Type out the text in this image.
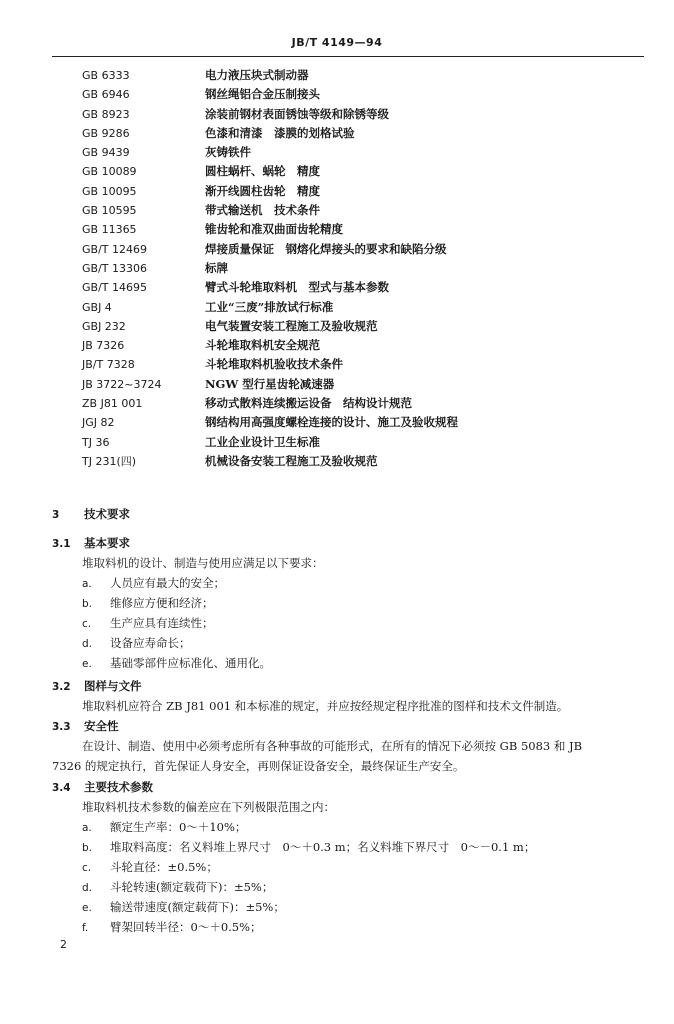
JB/T 4149—94
GB 6333	电力液压块式制动器
GB 6946	钢丝绳铝合金压制接头
GB 8923	涂装前钢材表面锈蚀等级和除锈等级
GB 9286	色漆和清漆　漆膜的划格试验
GB 9439	灰铸铁件
GB 10089	圆柱蜗杆、蜗轮　精度
GB 10095	渐开线圆柱齿轮　精度
GB 10595	带式输送机　技术条件
GB 11365	锥齿轮和准双曲面齿轮精度
GB/T 12469	焊接质量保证　钢熔化焊接头的要求和缺陷分级
GB/T 13306	标牌
GB/T 14695	臂式斗轮堆取料机　型式与基本参数
GBJ 4	工业“三废”排放试行标准
GBJ 232	电气装置安装工程施工及验收规范
JB 7326	斗轮堆取料机安全规范
JB/T 7328	斗轮堆取料机验收技术条件
JB 3722~3724	NGW 型行星齿轮减速器
ZB J81 001	移动式散料连续搬运设备　结构设计规范
JGJ 82	钢结构用高强度螺栓连接的设计、施工及验收规程
TJ 36	工业企业设计卫生标准
TJ 231(四)	机械设备安装工程施工及验收规范
3 技术要求
3.1 基本要求
堆取料机的设计、制造与使用应满足以下要求：
a. 人员应有最大的安全；
b. 维修应方便和经济；
c. 生产应具有连续性；
d. 设备应寿命长；
e. 基础零部件应标准化、通用化。
3.2 图样与文件
堆取料机应符合 ZB J81 001 和本标准的规定，并应按经规定程序批准的图样和技术文件制造。
3.3 安全性
在设计、制造、使用中必须考虑所有各种事故的可能形式，在所有的情况下必须按 GB 5083 和 JB
7326 的规定执行，首先保证人身安全，再则保证设备安全，最终保证生产安全。
3.4 主要技术参数
堆取料机技术参数的偏差应在下列极限范围之内：
a. 额定生产率：0～＋10%；
b. 堆取料高度：名义料堆上界尺寸　0～＋0.3 m；名义料堆下界尺寸　0～－0.1 m；
c. 斗轮直径：±0.5%；
d. 斗轮转速(额定载荷下)：±5%；
e. 输送带速度(额定载荷下)：±5%；
f. 臂架回转半径：0～＋0.5%；
2
